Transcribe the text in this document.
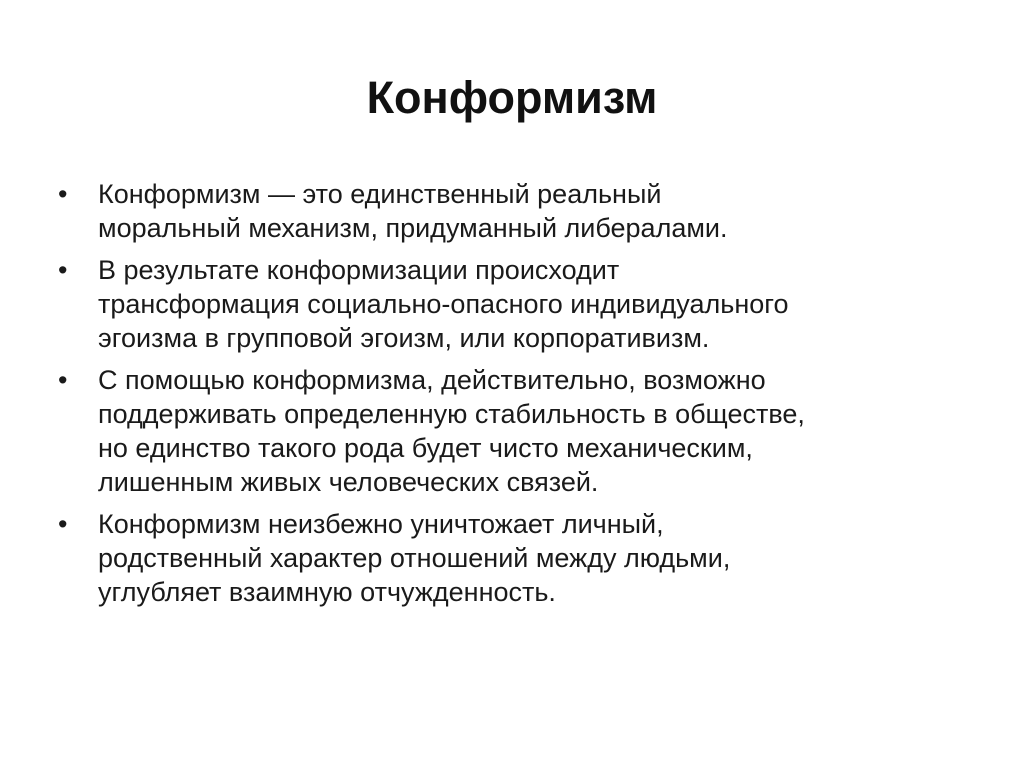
Конформизм
• Конформизм — это единственный реальный
моральный механизм, придуманный либералами.
• В результате конформизации происходит
трансформация социально-опасного индивидуального
эгоизма в групповой эгоизм, или корпоративизм.
• С помощью конформизма, действительно, возможно
поддерживать определенную стабильность в обществе,
но единство такого рода будет чисто механическим,
лишенным живых человеческих связей.
• Конформизм неизбежно уничтожает личный,
родственный характер отношений между людьми,
углубляет взаимную отчужденность.
